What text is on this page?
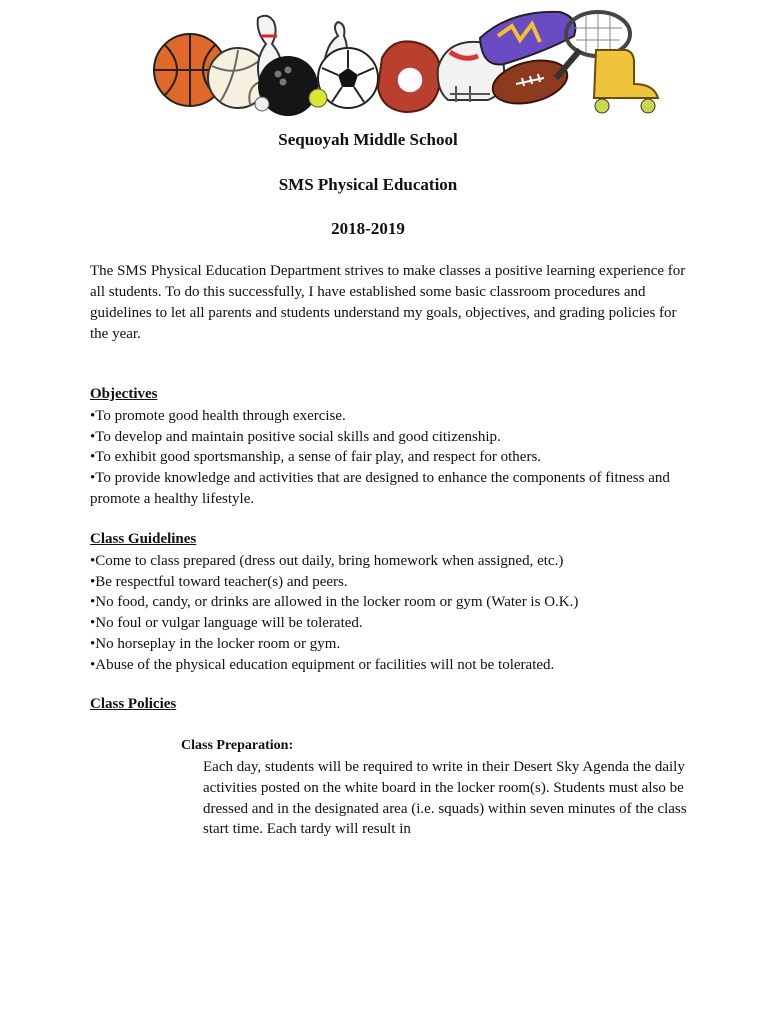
Sequoyah Middle School
SMS Physical Education
2018-2019

The SMS Physical Education Department strives to make classes a positive learning experience for all students. To do this successfully, I have established some basic classroom procedures and guidelines to let all parents and students understand my goals, objectives, and grading policies for the year.

Objectives
•To promote good health through exercise.
•To develop and maintain positive social skills and good citizenship.
•To exhibit good sportsmanship, a sense of fair play, and respect for others.
•To provide knowledge and activities that are designed to enhance the components of fitness and promote a healthy lifestyle.
Class Guidelines
•Come to class prepared (dress out daily, bring homework when assigned, etc.)
•Be respectful toward teacher(s) and peers.
•No food, candy, or drinks are allowed in the locker room or gym (Water is O.K.)
•No foul or vulgar language will be tolerated.
•No horseplay in the locker room or gym.
•Abuse of the physical education equipment or facilities will not be tolerated.
Class Policies
Class Preparation:

Each day, students will be required to write in their Desert Sky Agenda the daily activities posted on the white board in the locker room(s). Students must also be dressed and in the designated area (i.e. squads) within seven minutes of the class start time. Each tardy will result in
